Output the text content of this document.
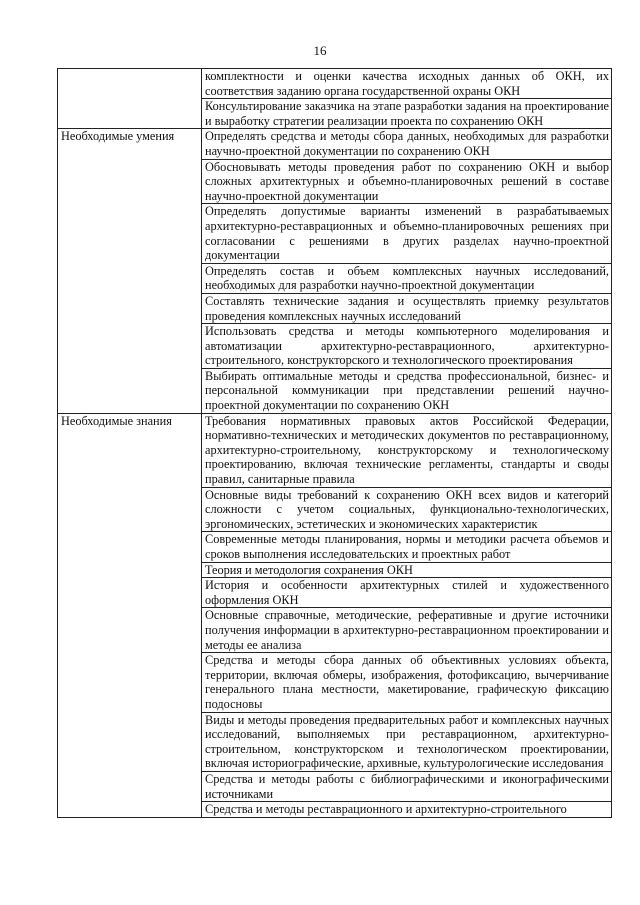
16
	комплектности и оценки качества исходных данных об ОКН, их соответствия заданию органа государственной охраны ОКН
	Консультирование заказчика на этапе разработки задания на проектирование и выработку стратегии реализации проекта по сохранению ОКН
Необходимые умения	Определять средства и методы сбора данных, необходимых для разработки научно-проектной документации по сохранению ОКН
	Обосновывать методы проведения работ по сохранению ОКН и выбор сложных архитектурных и объемно-планировочных решений в составе научно-проектной документации
	Определять допустимые варианты изменений в разрабатываемых архитектурно-реставрационных и объемно-планировочных решениях при согласовании с решениями в других разделах научно-проектной документации
	Определять состав и объем комплексных научных исследований, необходимых для разработки научно-проектной документации
	Составлять технические задания и осуществлять приемку результатов проведения комплексных научных исследований
	Использовать средства и методы компьютерного моделирования и автоматизации архитектурно-реставрационного, архитектурно-строительного, конструкторского и технологического проектирования
	Выбирать оптимальные методы и средства профессиональной, бизнес- и персональной коммуникации при представлении решений научно-проектной документации по сохранению ОКН
Необходимые знания	Требования нормативных правовых актов Российской Федерации, нормативно-технических и методических документов по реставрационному, архитектурно-строительному, конструкторскому и технологическому проектированию, включая технические регламенты, стандарты и своды правил, санитарные правила
	Основные виды требований к сохранению ОКН всех видов и категорий сложности с учетом социальных, функционально-технологических, эргономических, эстетических и экономических характеристик
	Современные методы планирования, нормы и методики расчета объемов и сроков выполнения исследовательских и проектных работ
	Теория и методология сохранения ОКН
	История и особенности архитектурных стилей и художественного оформления ОКН
	Основные справочные, методические, реферативные и другие источники получения информации в архитектурно-реставрационном проектировании и методы ее анализа
	Средства и методы сбора данных об объективных условиях объекта, территории, включая обмеры, изображения, фотофиксацию, вычерчивание генерального плана местности, макетирование, графическую фиксацию подосновы
	Виды и методы проведения предварительных работ и комплексных научных исследований, выполняемых при реставрационном, архитектурно-строительном, конструкторском и технологическом проектировании, включая историографические, архивные, культурологические исследования
	Средства и методы работы с библиографическими и иконографическими источниками
	Средства и методы реставрационного и архитектурно-строительного
